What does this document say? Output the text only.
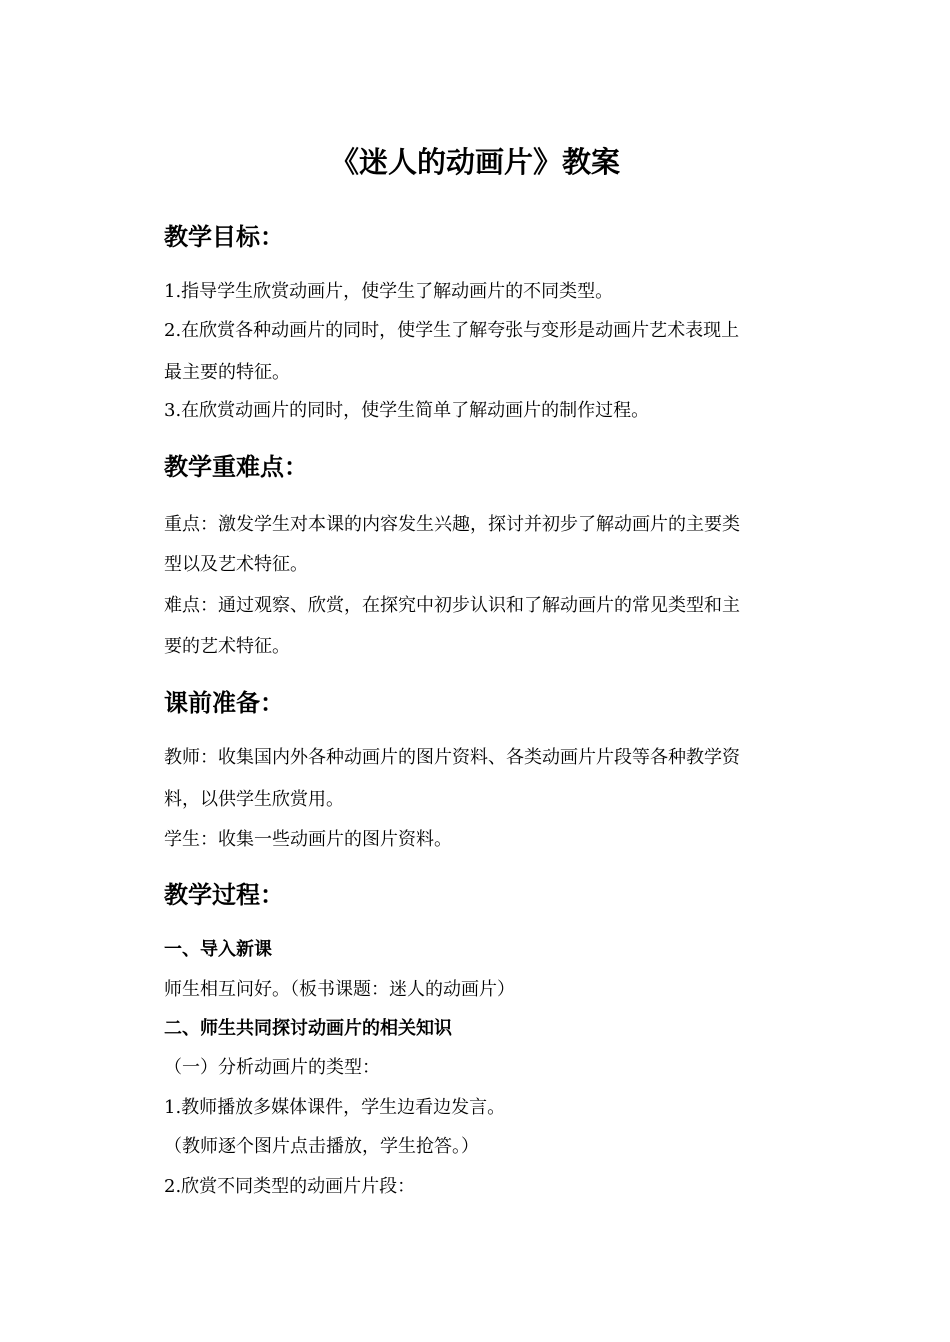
《迷人的动画片》教案
教学目标：

1.指导学生欣赏动画片，使学生了解动画片的不同类型。

2.在欣赏各种动画片的同时，使学生了解夸张与变形是动画片艺术表现上

最主要的特征。

3.在欣赏动画片的同时，使学生简单了解动画片的制作过程。

教学重难点：

重点：激发学生对本课的内容发生兴趣，探讨并初步了解动画片的主要类

型以及艺术特征。

难点：通过观察、欣赏，在探究中初步认识和了解动画片的常见类型和主

要的艺术特征。

课前准备：

教师：收集国内外各种动画片的图片资料、各类动画片片段等各种教学资

料，以供学生欣赏用。

学生：收集一些动画片的图片资料。

教学过程：
一、导入新课

师生相互问好。（板书课题：迷人的动画片）

二、师生共同探讨动画片的相关知识

（一）分析动画片的类型：

1.教师播放多媒体课件，学生边看边发言。

（教师逐个图片点击播放，学生抢答。）

2.欣赏不同类型的动画片片段：
